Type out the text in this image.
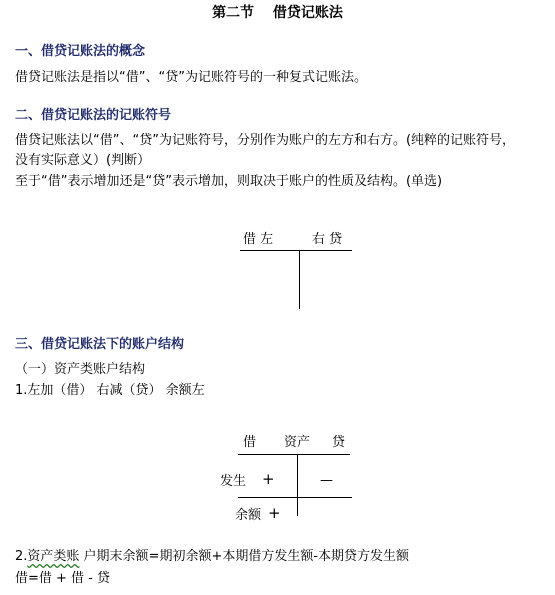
第二节　 借贷记账法
一、借贷记账法的概念
借贷记账法是指以“借”、“贷”为记账符号的一种复式记账法。
二、借贷记账法的记账符号
借贷记账法以“借”、“贷”为记账符号，分别作为账户的左方和右方。(纯粹的记账符号，
没有实际意义）(判断）
至于“借”表示增加还是“贷”表示增加，则取决于账户的性质及结构。(单选)
借 左	右 贷
三、借贷记账法下的账户结构
（一）资产类账户结构
1.左加（借） 右减（贷） 余额左
借 资产 贷
发生 +	—
余额 +
2.资产类账 户期末余额=期初余额+本期借方发生额-本期贷方发生额
借=借 + 借 - 贷
